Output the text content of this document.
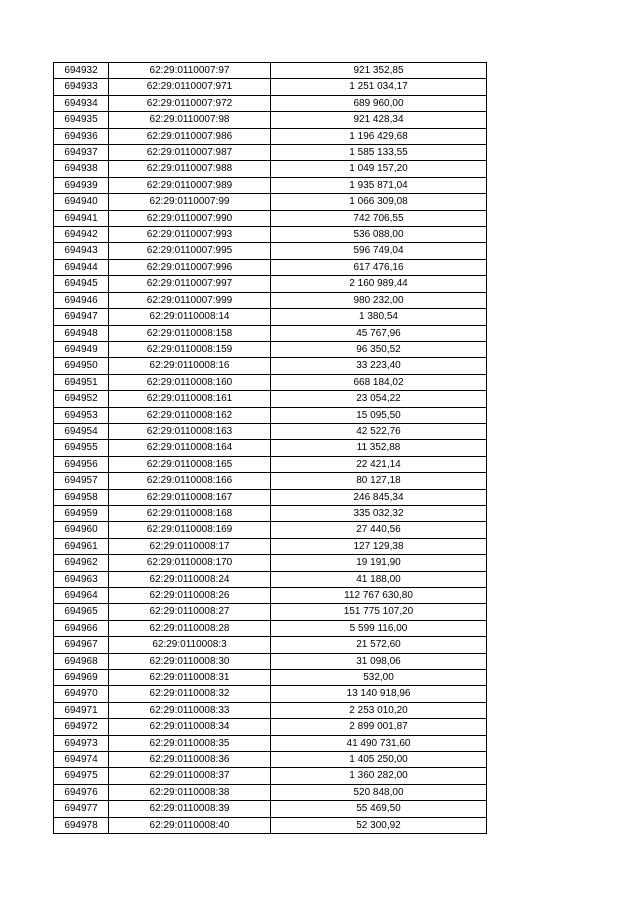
694932	62:29:0110007:97	921 352,85
694933	62:29:0110007:971	1 251 034,17
694934	62:29:0110007:972	689 960,00
694935	62:29:0110007:98	921 428,34
694936	62:29:0110007:986	1 196 429,68
694937	62:29:0110007:987	1 585 133,55
694938	62:29:0110007:988	1 049 157,20
694939	62:29:0110007:989	1 935 871,04
694940	62:29:0110007:99	1 066 309,08
694941	62:29:0110007:990	742 706,55
694942	62:29:0110007:993	536 088,00
694943	62:29:0110007:995	596 749,04
694944	62:29:0110007:996	617 476,16
694945	62:29:0110007:997	2 160 989,44
694946	62:29:0110007:999	980 232,00
694947	62:29:0110008:14	1 380,54
694948	62:29:0110008:158	45 767,96
694949	62:29:0110008:159	96 350,52
694950	62:29:0110008:16	33 223,40
694951	62:29:0110008:160	668 184,02
694952	62:29:0110008:161	23 054,22
694953	62:29:0110008:162	15 095,50
694954	62:29:0110008:163	42 522,76
694955	62:29:0110008:164	11 352,88
694956	62:29:0110008:165	22 421,14
694957	62:29:0110008:166	80 127,18
694958	62:29:0110008:167	246 845,34
694959	62:29:0110008:168	335 032,32
694960	62:29:0110008:169	27 440,56
694961	62:29:0110008:17	127 129,38
694962	62:29:0110008:170	19 191,90
694963	62:29:0110008:24	41 188,00
694964	62:29:0110008:26	112 767 630,80
694965	62:29:0110008:27	151 775 107,20
694966	62:29:0110008:28	5 599 116,00
694967	62:29:0110008:3	21 572,60
694968	62:29:0110008:30	31 098,06
694969	62:29:0110008:31	532,00
694970	62:29:0110008:32	13 140 918,96
694971	62:29:0110008:33	2 253 010,20
694972	62:29:0110008:34	2 899 001,87
694973	62:29:0110008:35	41 490 731,60
694974	62:29:0110008:36	1 405 250,00
694975	62:29:0110008:37	1 360 282,00
694976	62:29:0110008:38	520 848,00
694977	62:29:0110008:39	55 469,50
694978	62:29:0110008:40	52 300,92
